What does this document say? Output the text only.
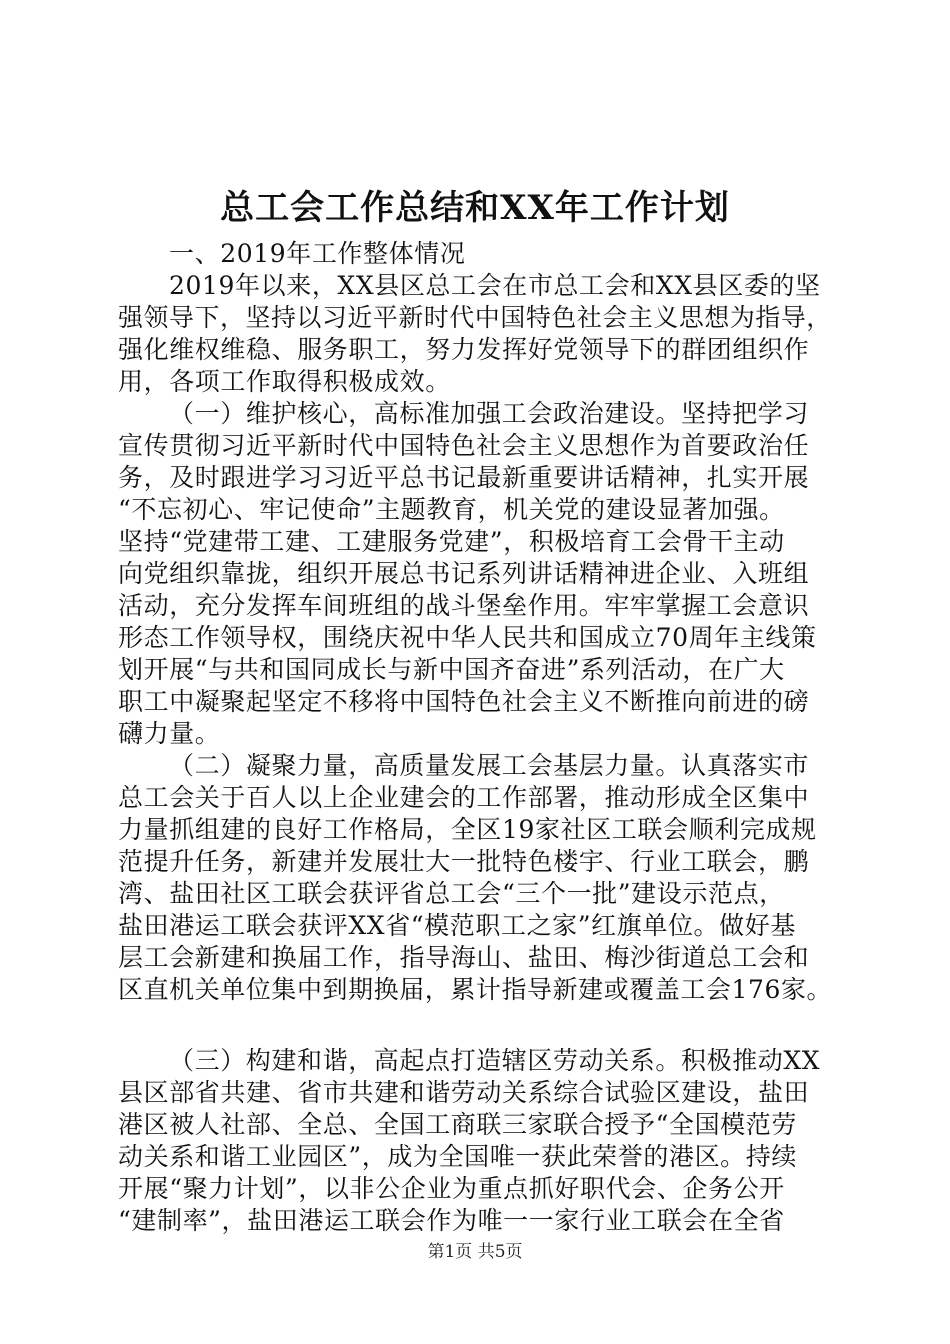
总工会工作总结和XX年工作计划
一、2019年工作整体情况
2019年以来，XX县区总工会在市总工会和XX县区委的坚
强领导下，坚持以习近平新时代中国特色社会主义思想为指导，
强化维权维稳、服务职工，努力发挥好党领导下的群团组织作
用，各项工作取得积极成效。
（一）维护核心，高标准加强工会政治建设。坚持把学习
宣传贯彻习近平新时代中国特色社会主义思想作为首要政治任
务，及时跟进学习习近平总书记最新重要讲话精神，扎实开展
“不忘初心、牢记使命”主题教育，机关党的建设显著加强。
坚持“党建带工建、工建服务党建”，积极培育工会骨干主动
向党组织靠拢，组织开展总书记系列讲话精神进企业、入班组
活动，充分发挥车间班组的战斗堡垒作用。牢牢掌握工会意识
形态工作领导权，围绕庆祝中华人民共和国成立70周年主线策
划开展“与共和国同成长与新中国齐奋进”系列活动，在广大
职工中凝聚起坚定不移将中国特色社会主义不断推向前进的磅
礴力量。
（二）凝聚力量，高质量发展工会基层力量。认真落实市
总工会关于百人以上企业建会的工作部署，推动形成全区集中
力量抓组建的良好工作格局，全区19家社区工联会顺利完成规
范提升任务，新建并发展壮大一批特色楼宇、行业工联会，鹏
湾、盐田社区工联会获评省总工会“三个一批”建设示范点，
盐田港运工联会获评XX省“模范职工之家”红旗单位。做好基
层工会新建和换届工作，指导海山、盐田、梅沙街道总工会和
区直机关单位集中到期换届，累计指导新建或覆盖工会176家。
（三）构建和谐，高起点打造辖区劳动关系。积极推动XX
县区部省共建、省市共建和谐劳动关系综合试验区建设，盐田
港区被人社部、全总、全国工商联三家联合授予“全国模范劳
动关系和谐工业园区”，成为全国唯一获此荣誉的港区。持续
开展“聚力计划”，以非公企业为重点抓好职代会、企务公开
“建制率”，盐田港运工联会作为唯一一家行业工联会在全省
第1页 共5页
